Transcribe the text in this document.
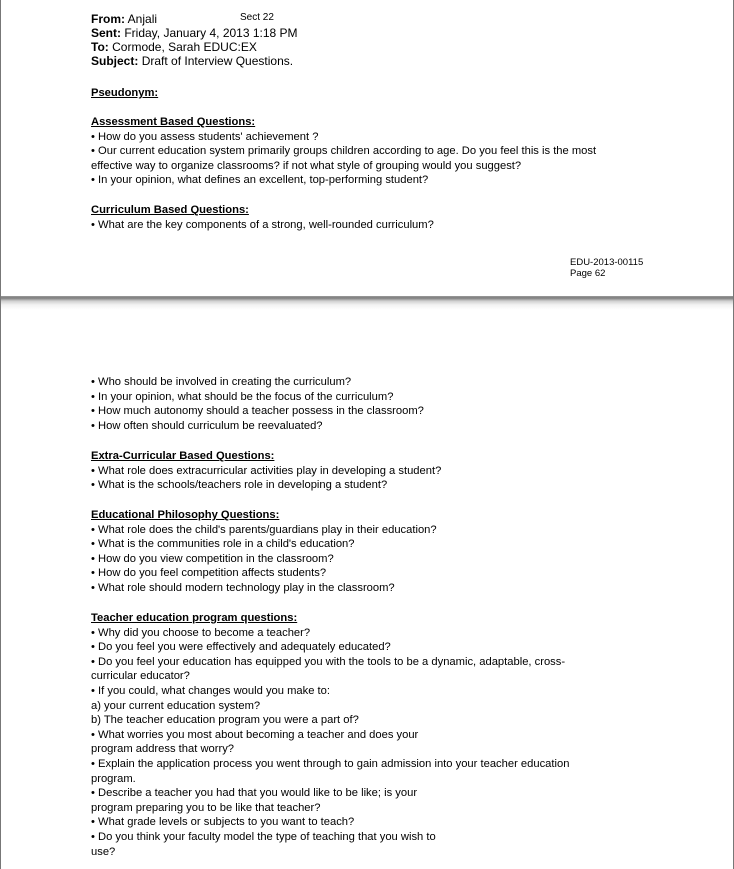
From: Anjali	Sect 22
Sent: Friday, January 4, 2013 1:18 PM
To: Cormode, Sarah EDUC:EX
Subject: Draft of Interview Questions.

Pseudonym:

Assessment Based Questions:

• How do you assess students' achievement ?

• Our current education system primarily groups children according to age. Do you feel this is the most

effective way to organize classrooms? if not what style of grouping would you suggest?

• In your opinion, what defines an excellent, top-performing student?

Curriculum Based Questions:

• What are the key components of a strong, well-rounded curriculum?

EDU-2013-00115
Page 62

• Who should be involved in creating the curriculum?

• In your opinion, what should be the focus of the curriculum?

• How much autonomy should a teacher possess in the classroom?

• How often should curriculum be reevaluated?

Extra-Curricular Based Questions:

• What role does extracurricular activities play in developing a student?

• What is the schools/teachers role in developing a student?

Educational Philosophy Questions:

• What role does the child's parents/guardians play in their education?

• What is the communities role in a child's education?

• How do you view competition in the classroom?

• How do you feel competition affects students?

• What role should modern technology play in the classroom?

Teacher education program questions:

• Why did you choose to become a teacher?

• Do you feel you were effectively and adequately educated?

• Do you feel your education has equipped you with the tools to be a dynamic, adaptable, cross-

curricular educator?

• If you could, what changes would you make to:

a) your current education system?

b) The teacher education program you were a part of?

• What worries you most about becoming a teacher and does your

program address that worry?

• Explain the application process you went through to gain admission into your teacher education

program.

• Describe a teacher you had that you would like to be like; is your

program preparing you to be like that teacher?

• What grade levels or subjects to you want to teach?

• Do you think your faculty model the type of teaching that you wish to

use?
